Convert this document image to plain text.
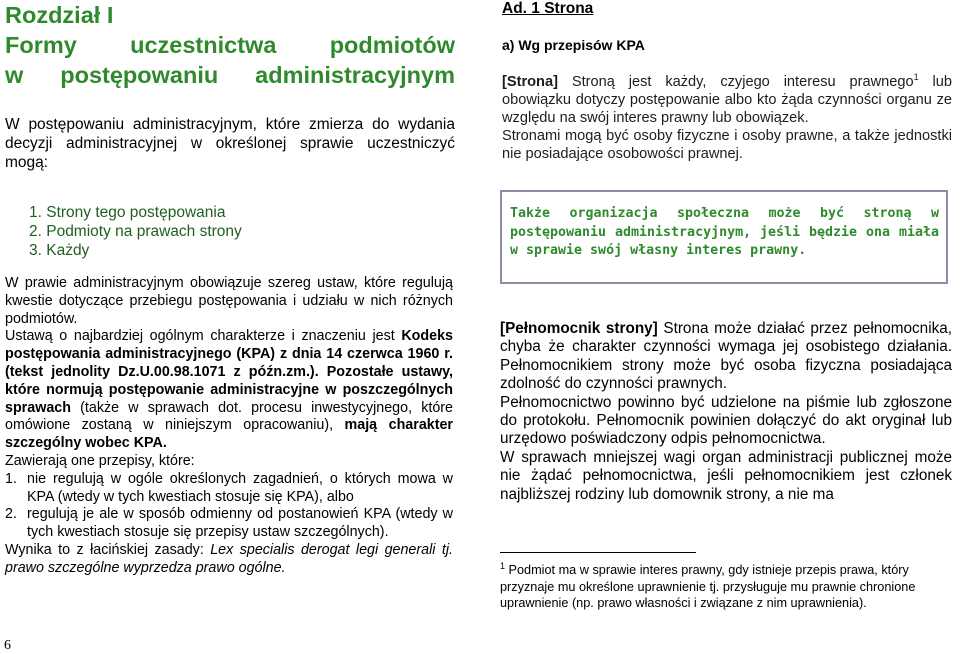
Rozdział I
Formy uczestnictwa podmiotów
w postępowaniu administracyjnym

W postępowaniu administracyjnym, które zmierza do wydania decyzji administracyjnej w określonej sprawie uczestniczyć mogą:

1. Strony tego postępowania
2. Podmioty na prawach strony
3. Każdy

W prawie administracyjnym obowiązuje szereg ustaw, które regulują kwestie dotyczące przebiegu postępowania i udziału w nich różnych podmiotów.

Ustawą o najbardziej ogólnym charakterze i znaczeniu jest Kodeks postępowania administracyjnego (KPA) z dnia 14 czerwca 1960 r. (tekst jednolity Dz.U.00.98.1071 z późn.zm.). Pozostałe ustawy, które normują postępowanie administracyjne w poszczególnych sprawach (także w sprawach dot. procesu inwestycyjnego, które omówione zostaną w niniejszym opracowaniu), mają charakter szczególny wobec KPA.

Zawierają one przepisy, które:

1. nie regulują w ogóle określonych zagadnień, o których mowa w KPA (wtedy w tych kwestiach stosuje się KPA), albo
2. regulują je ale w sposób odmienny od postanowień KPA (wtedy w tych kwestiach stosuje się przepisy ustaw szczególnych).

Wynika to z łacińskiej zasady: Lex specialis derogat legi generali tj. prawo szczególne wyprzedza prawo ogólne.

Ad. 1 Strona

a) Wg przepisów KPA

[Strona] Stroną jest każdy, czyjego interesu prawnego$^1$ lub obowiązku dotyczy postępowanie albo kto żąda czynności organu ze względu na swój interes prawny lub obowiązek.

Stronami mogą być osoby fizyczne i osoby prawne, a także jednostki nie posiadające osobowości prawnej.

Także organizacja społeczna może być stroną w postępowaniu administracyjnym, jeśli będzie ona miała w sprawie swój własny interes prawny.

[Pełnomocnik strony] Strona może działać przez pełnomocnika, chyba że charakter czynności wymaga jej osobistego działania. Pełnomocnikiem strony może być osoba fizyczna posiadająca zdolność do czynności prawnych.

Pełnomocnictwo powinno być udzielone na piśmie lub zgłoszone do protokołu. Pełnomocnik powinien dołączyć do akt oryginał lub urzędowo poświadczony odpis pełnomocnictwa.

W sprawach mniejszej wagi organ administracji publicznej może nie żądać pełnomocnictwa, jeśli pełnomocnikiem jest członek najbliższej rodziny lub domownik strony, a nie ma

$^1$ Podmiot ma w sprawie interes prawny, gdy istnieje przepis prawa, który przyznaje mu określone uprawnienie tj. przysługuje mu prawnie chronione uprawnienie (np. prawo własności i związane z nim uprawnienia).

6
